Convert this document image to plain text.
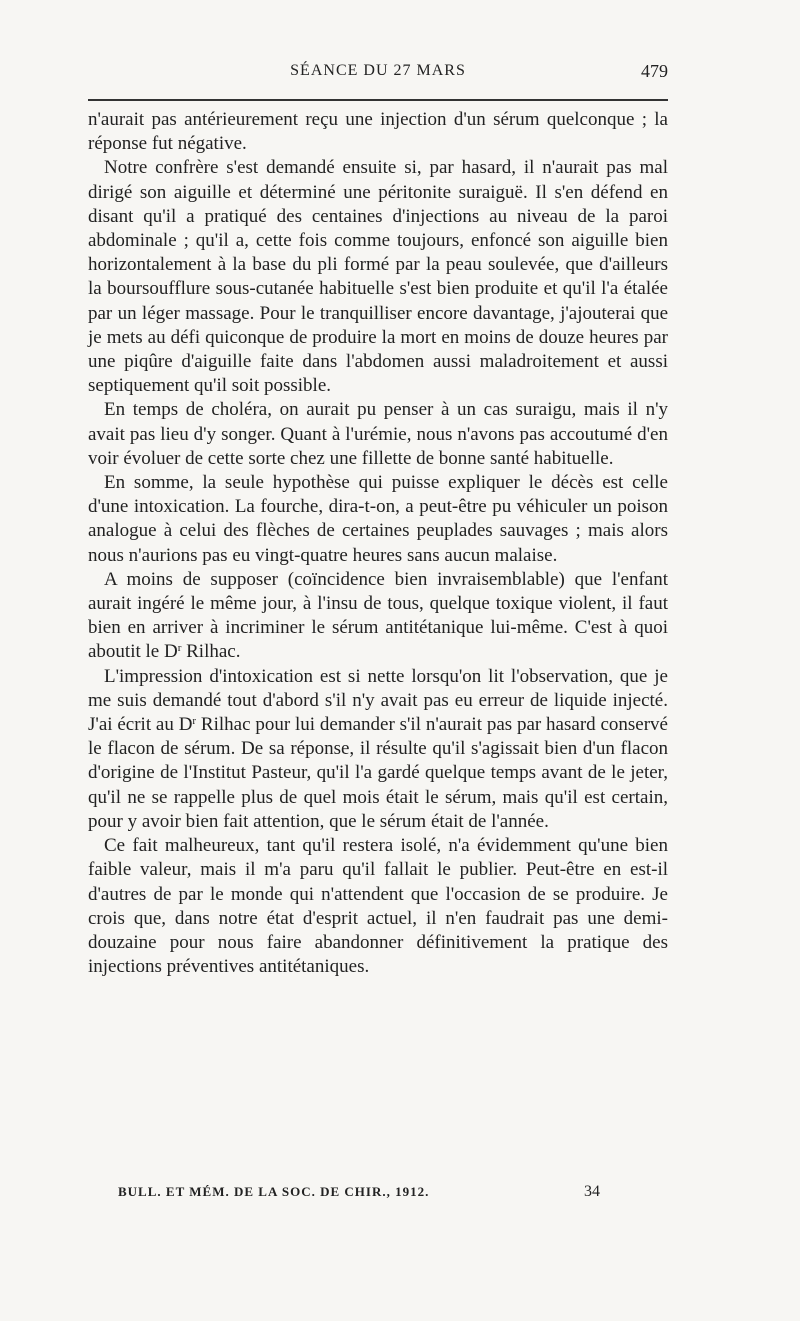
SÉANCE DU 27 MARS	479

n'aurait pas antérieurement reçu une injection d'un sérum quelconque ; la réponse fut négative.

Notre confrère s'est demandé ensuite si, par hasard, il n'aurait pas mal dirigé son aiguille et déterminé une péritonite suraiguë. Il s'en défend en disant qu'il a pratiqué des centaines d'injections au niveau de la paroi abdominale ; qu'il a, cette fois comme toujours, enfoncé son aiguille bien horizontalement à la base du pli formé par la peau soulevée, que d'ailleurs la boursoufflure sous-cutanée habituelle s'est bien produite et qu'il l'a étalée par un léger massage. Pour le tranquilliser encore davantage, j'ajouterai que je mets au défi quiconque de produire la mort en moins de douze heures par une piqûre d'aiguille faite dans l'abdomen aussi maladroitement et aussi septiquement qu'il soit possible.

En temps de choléra, on aurait pu penser à un cas suraigu, mais il n'y avait pas lieu d'y songer. Quant à l'urémie, nous n'avons pas accoutumé d'en voir évoluer de cette sorte chez une fillette de bonne santé habituelle.

En somme, la seule hypothèse qui puisse expliquer le décès est celle d'une intoxication. La fourche, dira-t-on, a peut-être pu véhiculer un poison analogue à celui des flèches de certaines peuplades sauvages ; mais alors nous n'aurions pas eu vingt-quatre heures sans aucun malaise.

A moins de supposer (coïncidence bien invraisemblable) que l'enfant aurait ingéré le même jour, à l'insu de tous, quelque toxique violent, il faut bien en arriver à incriminer le sérum antitétanique lui-même. C'est à quoi aboutit le $D^r$ Rilhac.

L'impression d'intoxication est si nette lorsqu'on lit l'observation, que je me suis demandé tout d'abord s'il n'y avait pas eu erreur de liquide injecté. J'ai écrit au $D^r$ Rilhac pour lui demander s'il n'aurait pas par hasard conservé le flacon de sérum. De sa réponse, il résulte qu'il s'agissait bien d'un flacon d'origine de l'Institut Pasteur, qu'il l'a gardé quelque temps avant de le jeter, qu'il ne se rappelle plus de quel mois était le sérum, mais qu'il est certain, pour y avoir bien fait attention, que le sérum était de l'année.

Ce fait malheureux, tant qu'il restera isolé, n'a évidemment qu'une bien faible valeur, mais il m'a paru qu'il fallait le publier. Peut-être en est-il d'autres de par le monde qui n'attendent que l'occasion de se produire. Je crois que, dans notre état d'esprit actuel, il n'en faudrait pas une demi-douzaine pour nous faire abandonner définitivement la pratique des injections préventives antitétaniques.

BULL. ET MÉM. DE LA SOC. DE CHIR., 1912.	34
